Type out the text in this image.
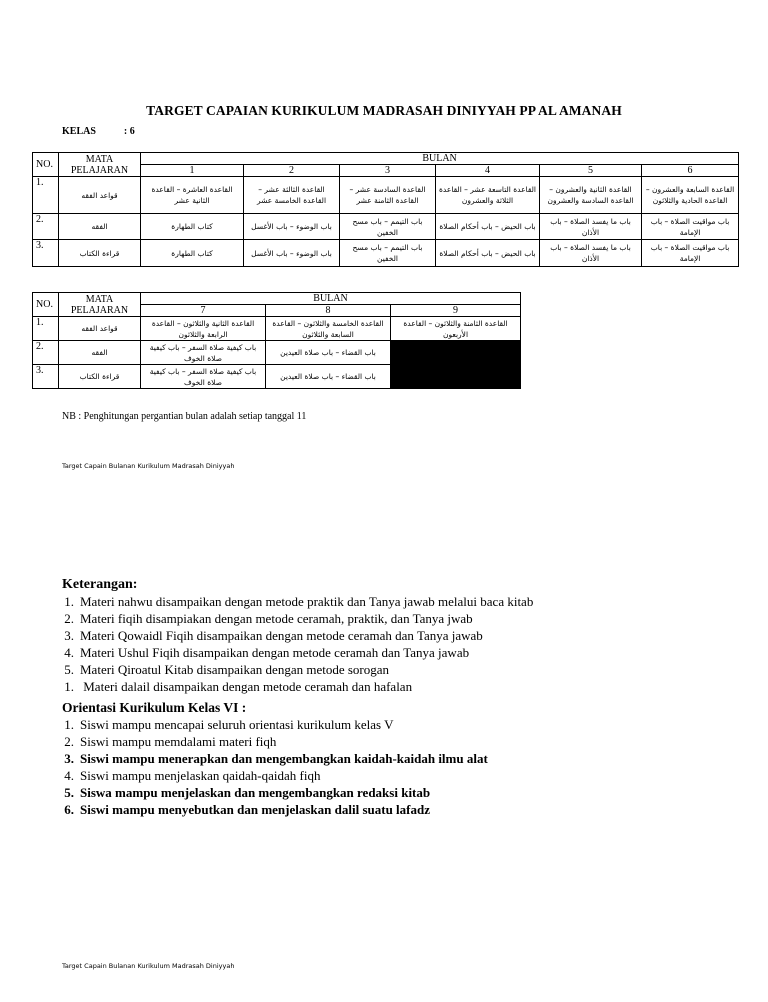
TARGET CAPAIAN KURIKULUM MADRASAH DINIYYAH PP AL AMANAH
KELAS	: 6
NO.	MATA PELAJARAN	BULAN					
		1	2	3	4	5	6
1.	قواعد الفقه	القاعدة العاشرة – القاعدة الثانية عشر	القاعدة الثالثة عشر – القاعدة الخامسة عشر	القاعدة السادسة عشر – القاعدة الثامنة عشر	القاعدة التاسعة عشر – القاعدة الثلاثة والعشرون	القاعدة الثانية والعشرون – القاعدة السادسة والعشرون	القاعدة السابعة والعشرون – القاعدة الحادية والثلاثون
2.	الفقه	كتاب الطهارة	باب الوضوء – باب الأغسل	باب التيمم – باب مسح الخفين	باب الحيض – باب أحكام الصلاة	باب ما يفسد الصلاة – باب الأذان	باب مواقيت الصلاة – باب الإمامة
3.	قراءة الكتاب	كتاب الطهارة	باب الوضوء – باب الأغسل	باب التيمم – باب مسح الخفين	باب الحيض – باب أحكام الصلاة	باب ما يفسد الصلاة – باب الأذان	باب مواقيت الصلاة – باب الإمامة
NO.	MATA PELAJARAN	BULAN		
		7	8	9
1.	قواعد الفقه	القاعدة الثانية والثلاثون – القاعدة الرابعة والثلاثون	القاعدة الخامسة والثلاثون – القاعدة السابعة والثلاثون	القاعدة الثامنة والثلاثون – القاعدة الأربعون
2.	الفقه	باب كيفية صلاة السفر – باب كيفية صلاة الخوف	باب القضاء – باب صلاة العيدين	
3.	قراءة الكتاب	باب كيفية صلاة السفر – باب كيفية صلاة الخوف	باب القضاء – باب صلاة العيدين	
NB : Penghitungan pergantian bulan adalah setiap tanggal 11
Target Capain Bulanan Kurikulum Madrasah Diniyyah
Keterangan:
1. Materi nahwu disampaikan dengan metode praktik dan Tanya jawab melalui baca kitab
2. Materi fiqih disampiakan dengan metode ceramah, praktik, dan Tanya jwab
3. Materi Qowaidl Fiqih disampaikan dengan metode ceramah dan Tanya jawab
4. Materi Ushul Fiqih disampaikan dengan metode ceramah dan Tanya jawab
5. Materi Qiroatul Kitab disampaikan dengan metode sorogan
1. Materi dalail disampaikan dengan metode ceramah dan hafalan
Orientasi Kurikulum Kelas VI :
1. Siswi mampu mencapai seluruh orientasi kurikulum kelas V
2. Siswi mampu memdalami materi fiqh
3. Siswi mampu menerapkan dan mengembangkan kaidah-kaidah ilmu alat
4. Siswi mampu menjelaskan qaidah-qaidah fiqh
5. Siswa mampu menjelaskan dan mengembangkan redaksi kitab
6. Siswi mampu menyebutkan dan menjelaskan dalil suatu lafadz
Target Capain Bulanan Kurikulum Madrasah Diniyyah
